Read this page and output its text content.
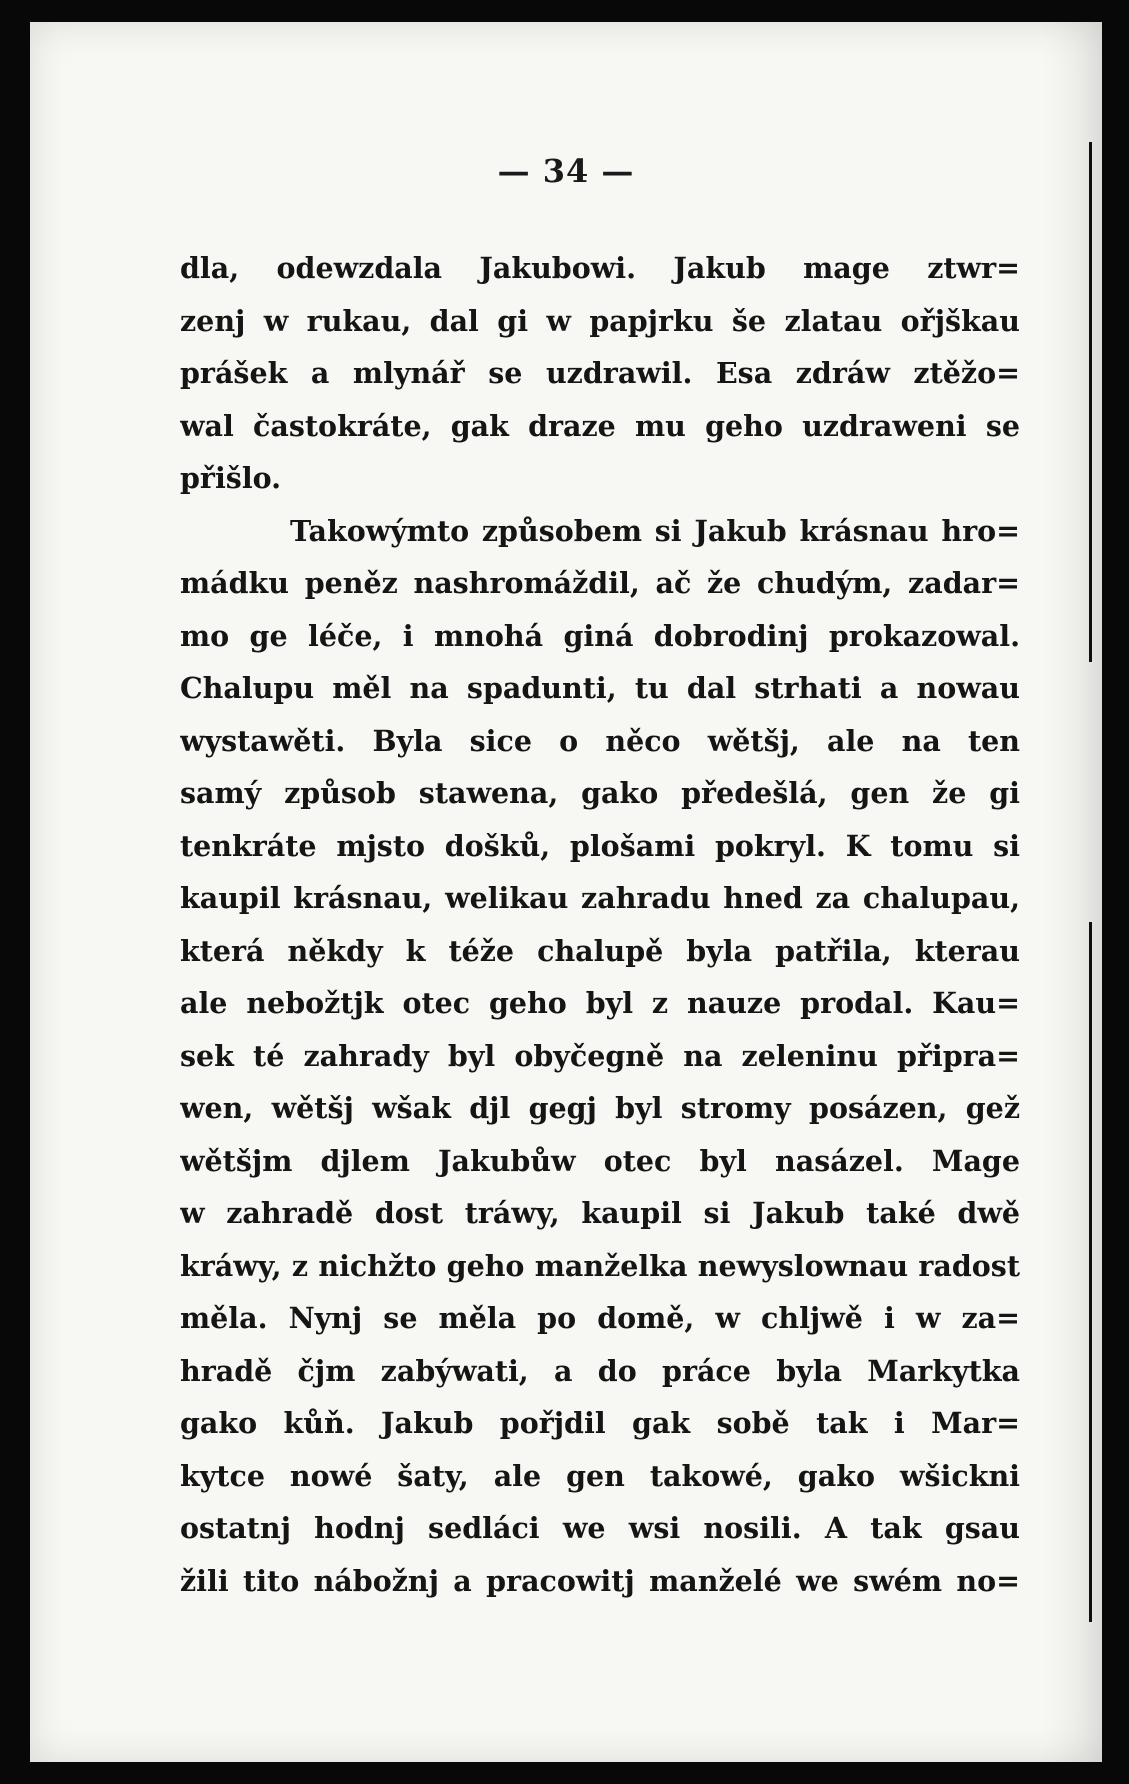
— 34 —
dla, odewzdala Jakubowi. Jakub mage ztwr=
zenj w rukau, dal gi w papjrku še zlatau ořjškau
prášek a mlynář se uzdrawil. Esa zdráw ztěžo=
wal častokráte, gak draze mu geho uzdraweni se
přišlo.
Takowýmto způsobem si Jakub krásnau hro=
mádku peněz nashromáždil, ač že chudým, zadar=
mo ge léče, i mnohá giná dobrodinj prokazowal.
Chalupu měl na spadunti, tu dal strhati a nowau
wystawěti. Byla sice o něco wětšj, ale na ten
samý způsob stawena, gako předešlá, gen že gi
tenkráte mjsto došků, plošami pokryl. K tomu si
kaupil krásnau, welikau zahradu hned za chalupau,
která někdy k téže chalupě byla patřila, kterau
ale nebožtjk otec geho byl z nauze prodal. Kau=
sek té zahrady byl obyčegně na zeleninu připra=
wen, wětšj wšak djl gegj byl stromy posázen, gež
wětšjm djlem Jakubůw otec byl nasázel. Mage
w zahradě dost tráwy, kaupil si Jakub také dwě
kráwy, z nichžto geho manželka newyslownau radost
měla. Nynj se měla po domě, w chljwě i w za=
hradě čjm zabýwati, a do práce byla Markytka
gako kůň. Jakub pořjdil gak sobě tak i Mar=
kytce nowé šaty, ale gen takowé, gako wšickni
ostatnj hodnj sedláci we wsi nosili. A tak gsau
žili tito nábožnj a pracowitj manželé we swém no=
